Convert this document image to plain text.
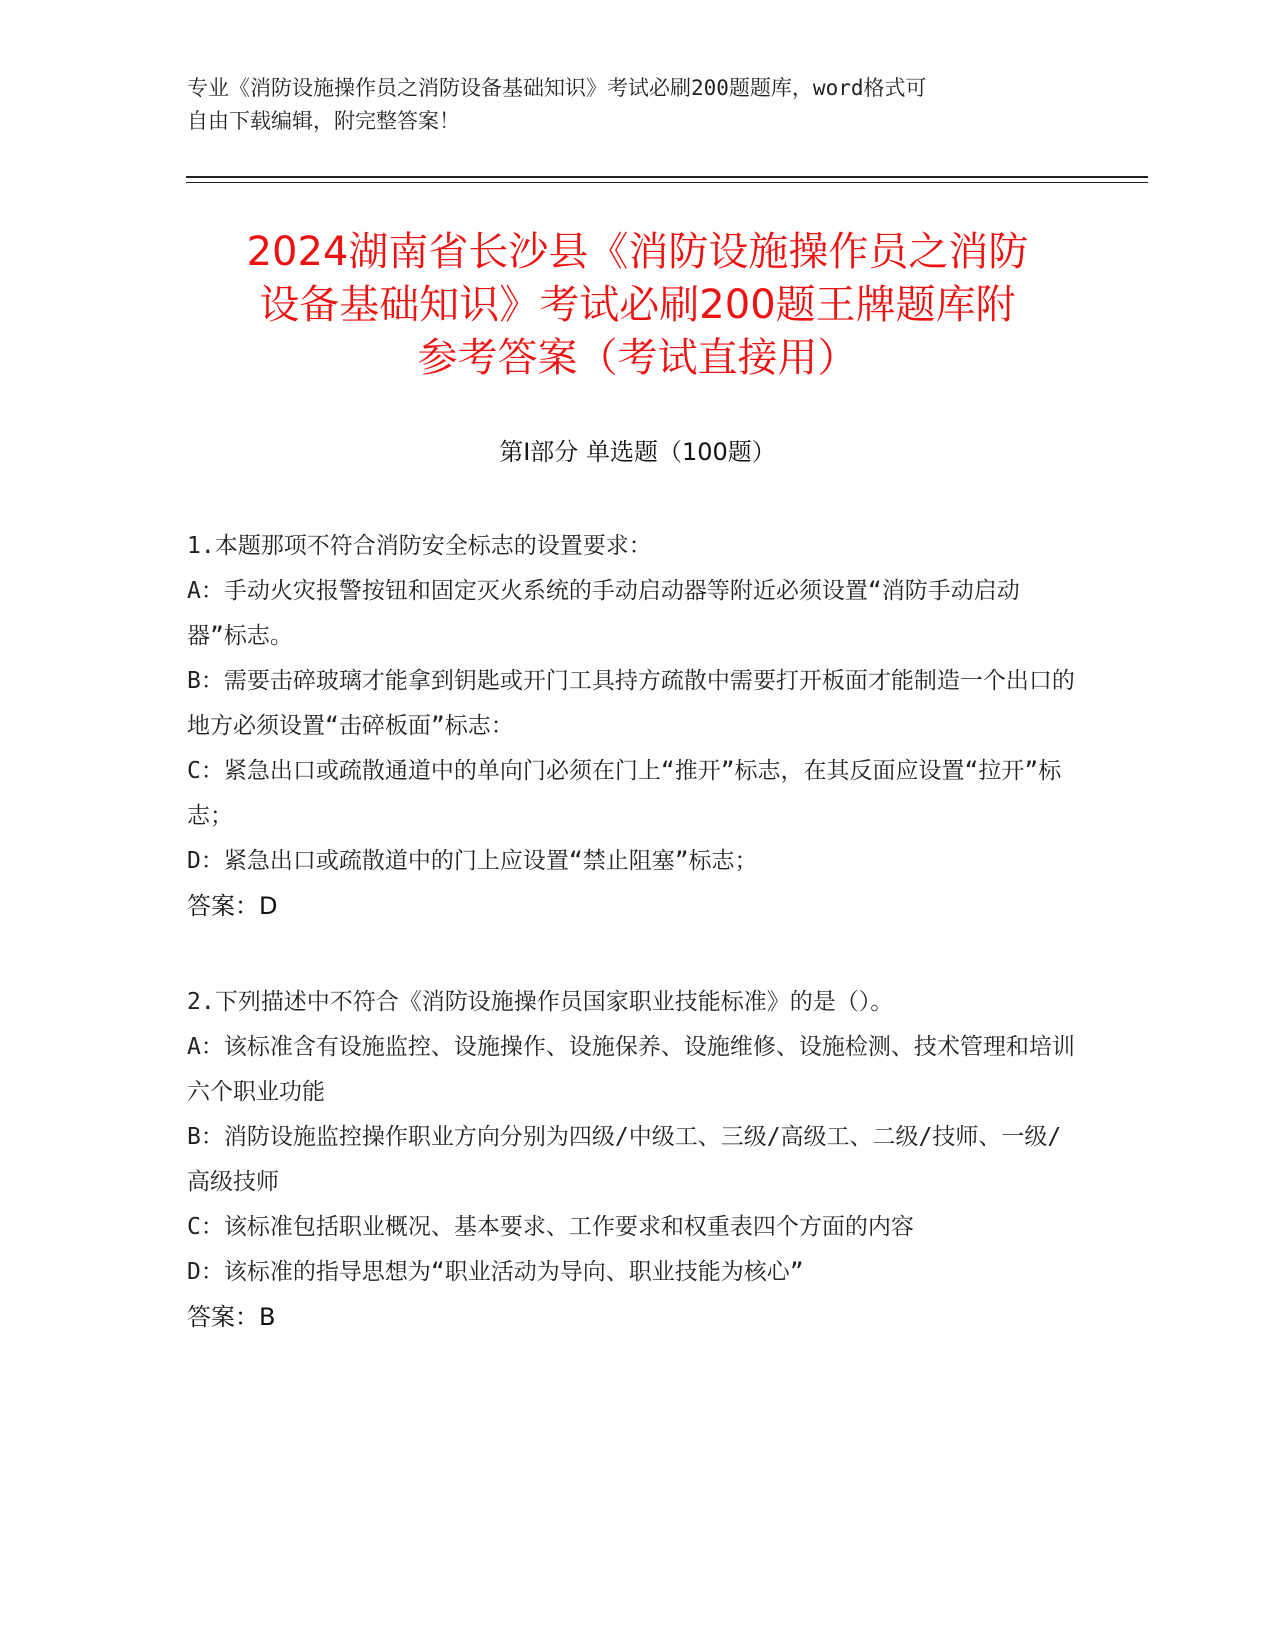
专业《消防设施操作员之消防设备基础知识》考试必刷200题题库，word格式可
自由下载编辑，附完整答案！
2024湖南省长沙县《消防设施操作员之消防
设备基础知识》考试必刷200题王牌题库附
参考答案（考试直接用）
第Ⅰ部分 单选题（100题）

1.本题那项不符合消防安全标志的设置要求：

A：手动火灾报警按钮和固定灭火系统的手动启动器等附近必须设置“消防手动启动器”标志。

B：需要击碎玻璃才能拿到钥匙或开门工具持方疏散中需要打开板面才能制造一个出口的地方必须设置“击碎板面”标志：

C：紧急出口或疏散通道中的单向门必须在门上“推开”标志，在其反面应设置“拉开”标志；

D：紧急出口或疏散道中的门上应设置“禁止阻塞”标志；

答案：D

2.下列描述中不符合《消防设施操作员国家职业技能标准》的是（）。

A：该标准含有设施监控、设施操作、设施保养、设施维修、设施检测、技术管理和培训六个职业功能

B：消防设施监控操作职业方向分别为四级/中级工、三级/高级工、二级/技师、一级/高级技师

C：该标准包括职业概况、基本要求、工作要求和权重表四个方面的内容

D：该标准的指导思想为“职业活动为导向、职业技能为核心”

答案：B
